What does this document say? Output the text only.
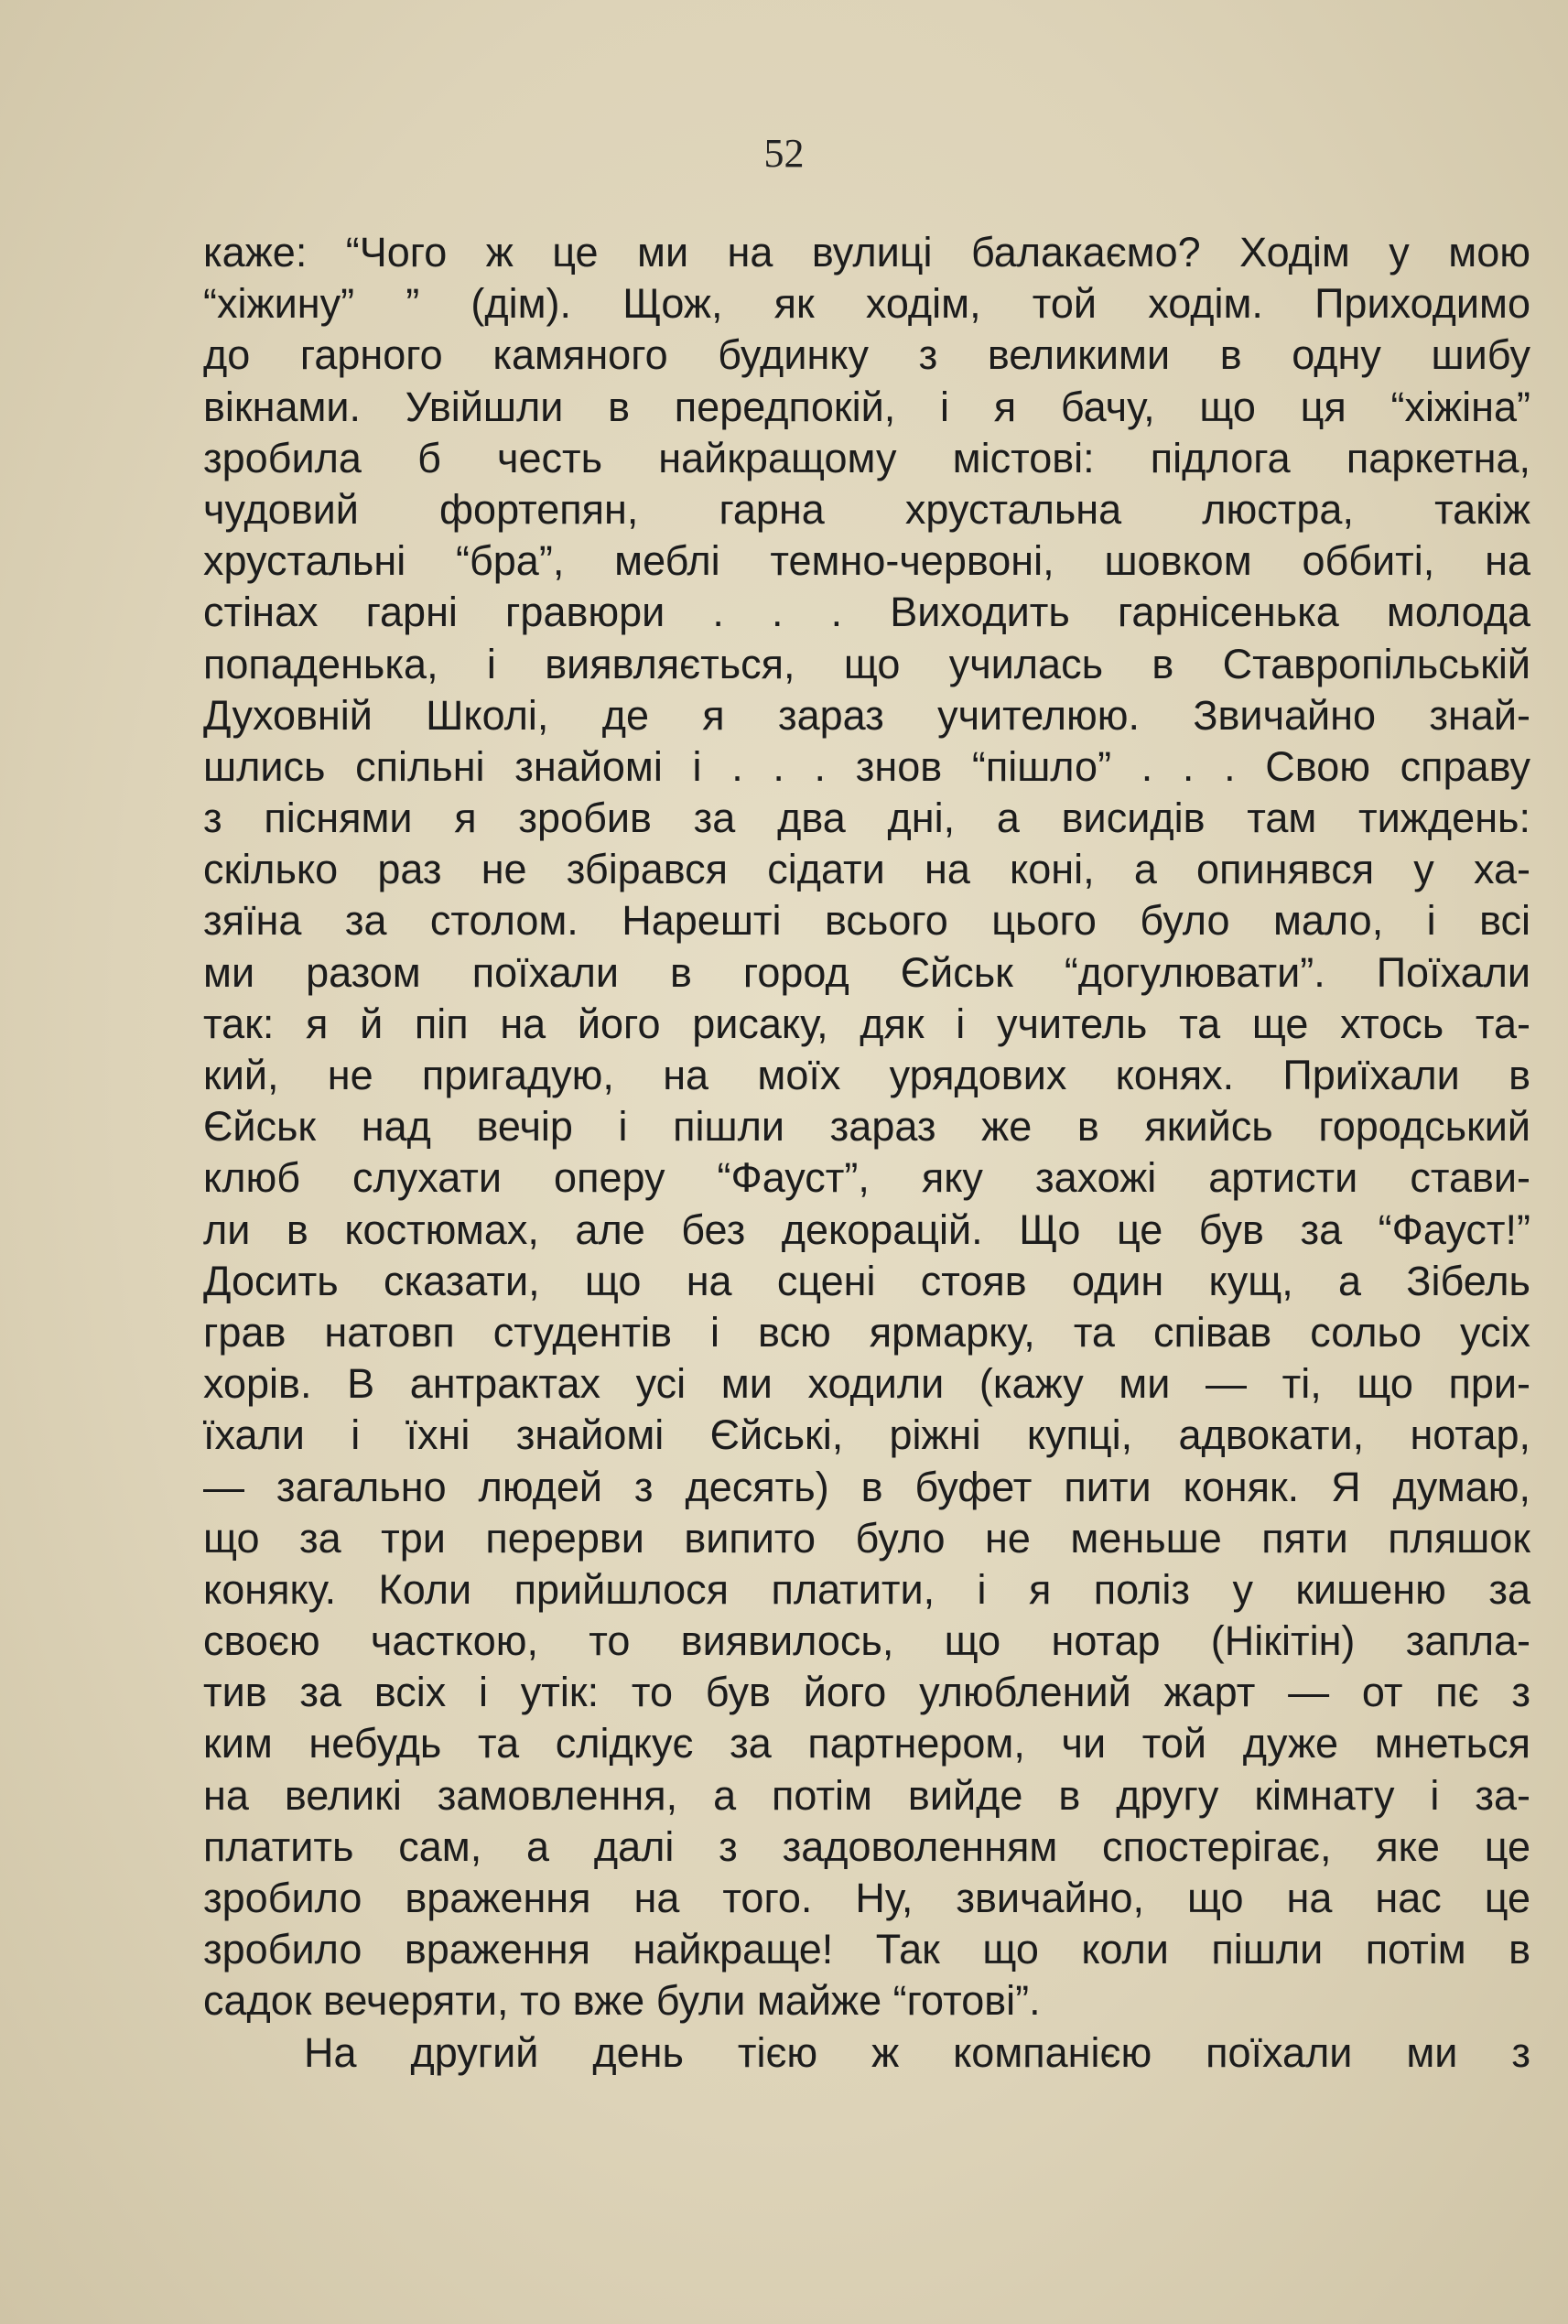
52
каже: “Чого ж це ми на вулиці балакаємо? Ходім у мою
“хіжину” ” (дім). Щож, як ходім, той ходім. Приходимо
до гарного камяного будинку з великими в одну шибу
вікнами. Увійшли в передпокій, і я бачу, що ця “хіжіна”
зробила б честь найкращому містові: підлога паркетна,
чудовий фортепян, гарна хрустальна люстра, такіж
хрустальні “бра”, меблі темно-червоні, шовком оббиті, на
стінах гарні гравюри . . . Виходить гарнісенька молода
попаденька, і виявляється, що училась в Ставропільській
Духовній Школі, де я зараз учителюю. Звичайно знай-
шлись спільні знайомі і . . . знов “пішло” . . . Свою справу
з піснями я зробив за два дні, а висидів там тиждень:
скілько раз не збірався сідати на коні, а опинявся у ха-
зяїна за столом. Нарешті всього цього було мало, і всі
ми разом поїхали в город Єйськ “догулювати”. Поїхали
так: я й піп на його рисаку, дяк і учитель та ще хтось та-
кий, не пригадую, на моїх урядових конях. Приїхали в
Єйськ над вечір і пішли зараз же в якийсь городський
клюб слухати оперу “Фауст”, яку захожі артисти стави-
ли в костюмах, але без декорацій. Що це був за “Фауст!”
Досить сказати, що на сцені стояв один кущ, а Зібель
грав натовп студентів і всю ярмарку, та співав сольо усіх
хорів. В антрактах усі ми ходили (кажу ми — ті, що при-
їхали і їхні знайомі Єйські, ріжні купці, адвокати, нотар,
— загально людей з десять) в буфет пити коняк. Я думаю,
що за три перерви випито було не меньше пяти пляшок
коняку. Коли прийшлося платити, і я поліз у кишеню за
своєю часткою, то виявилось, що нотар (Нікітін) запла-
тив за всіх і утік: то був його улюблений жарт — от пє з
ким небудь та слідкує за партнером, чи той дуже мнеться
на великі замовлення, а потім вийде в другу кімнату і за-
платить сам, а далі з задоволенням спостерігає, яке це
зробило враження на того. Ну, звичайно, що на нас це
зробило враження найкраще! Так що коли пішли потім в
садок вечеряти, то вже були майже “готові”.
На другий день тією ж компанією поїхали ми з
